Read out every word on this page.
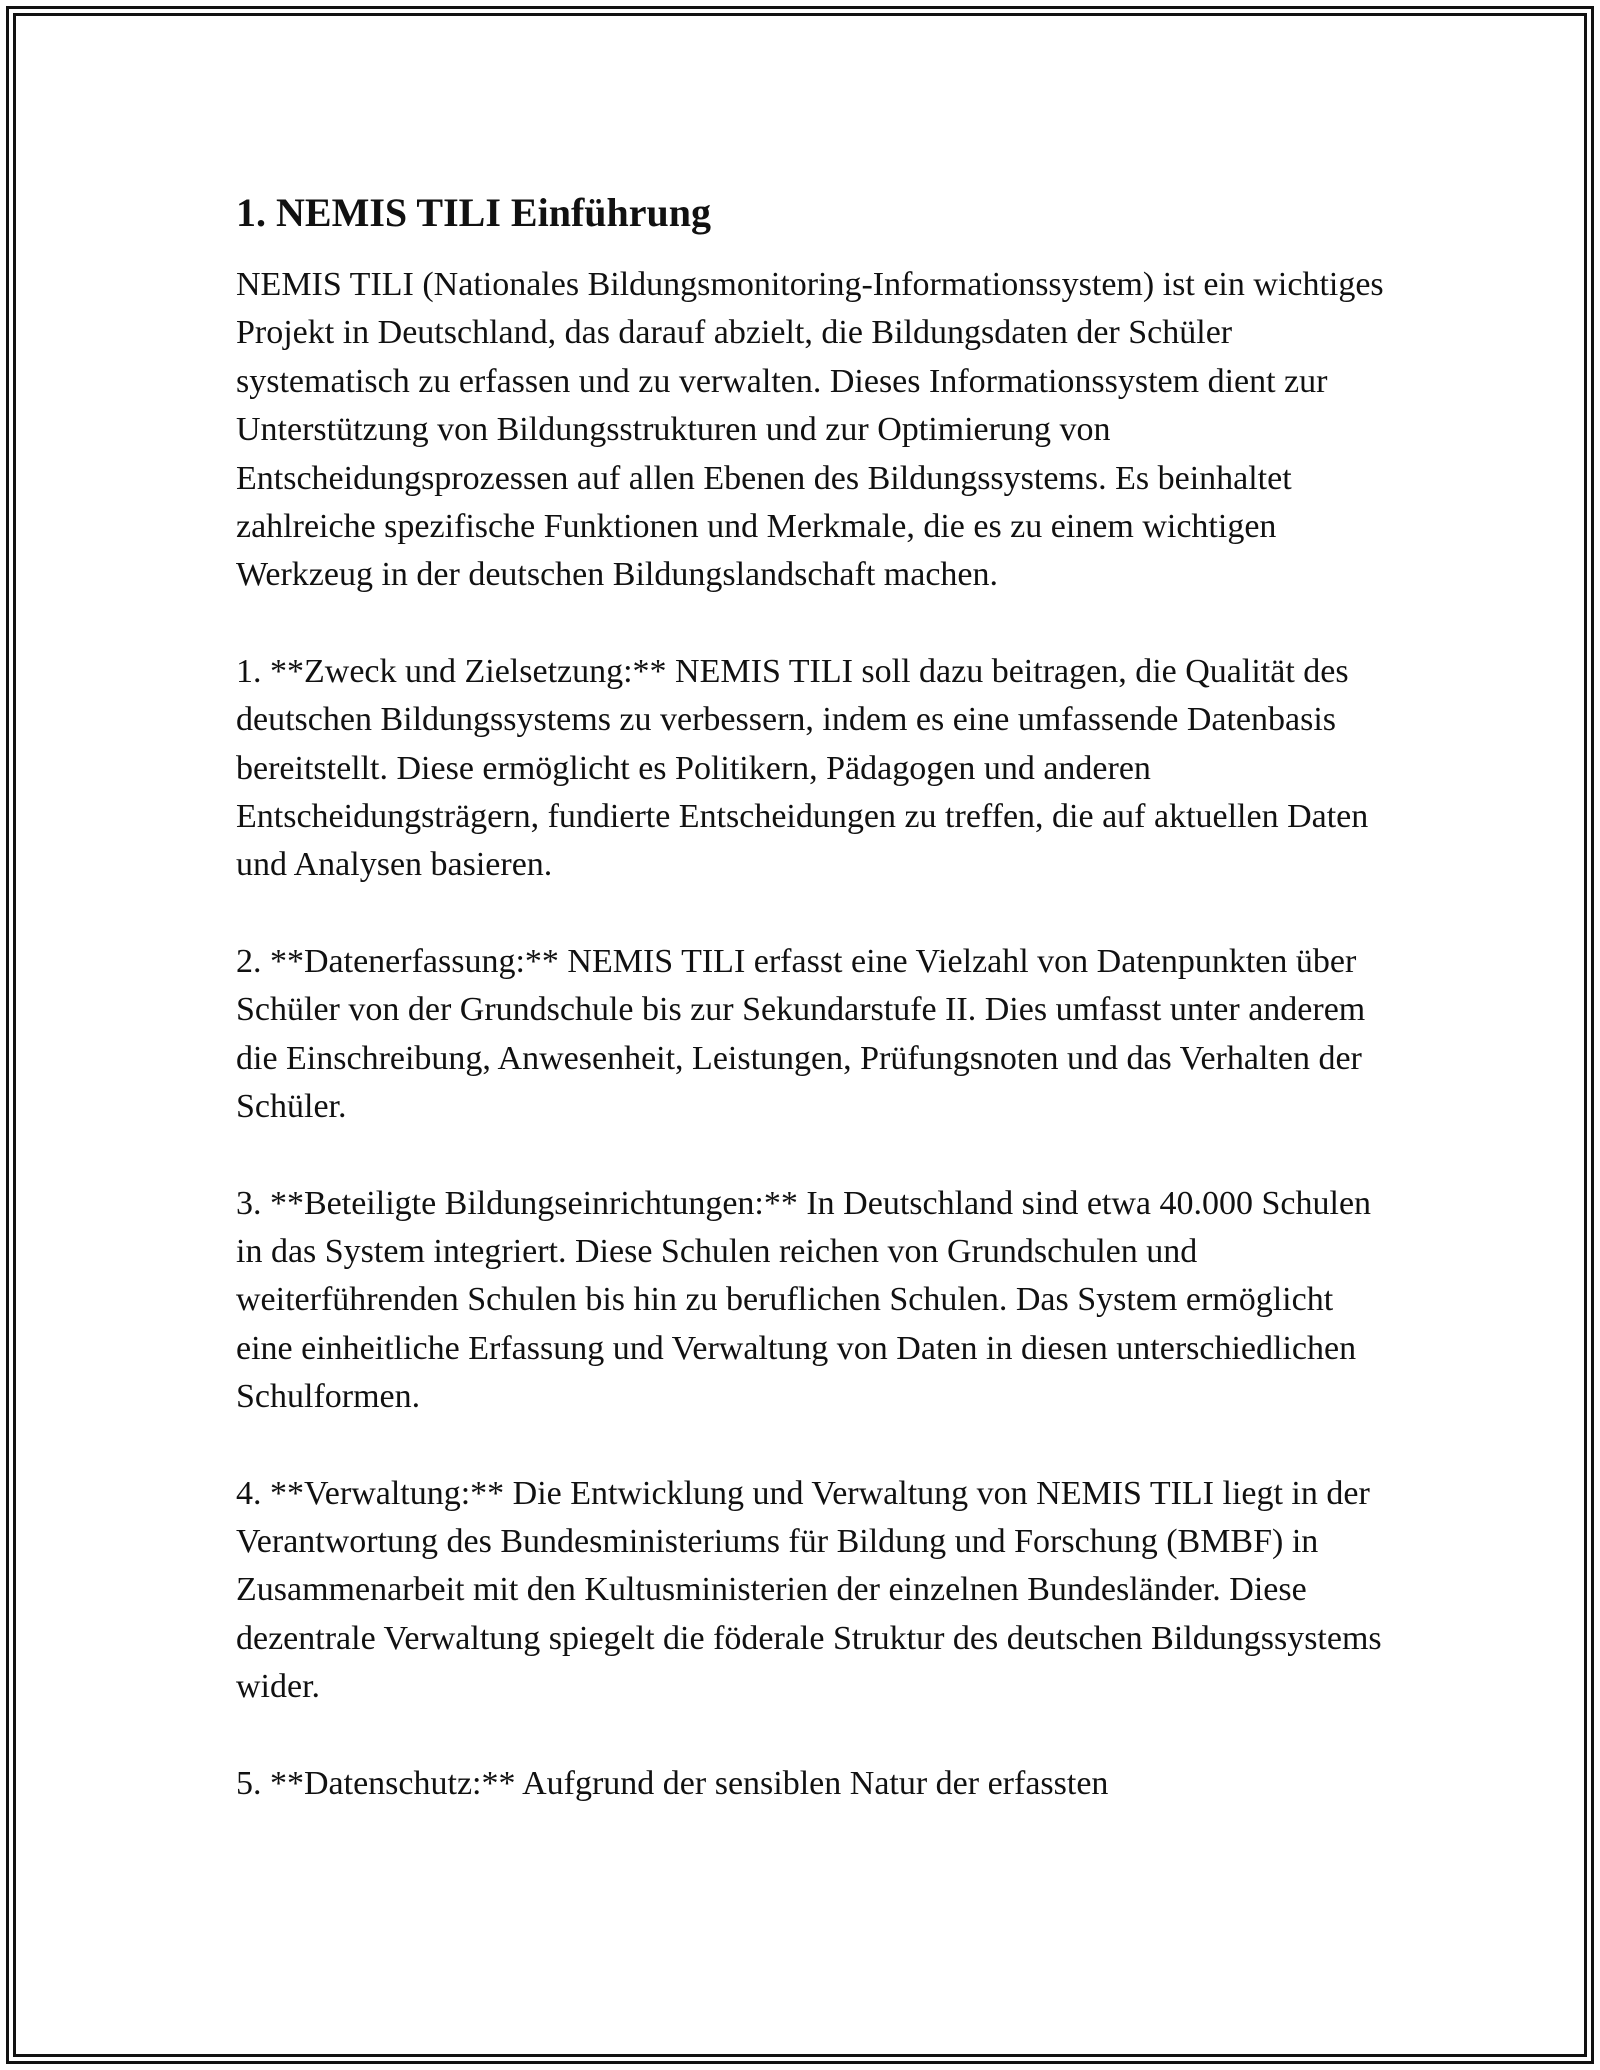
1. NEMIS TILI Einführung

NEMIS TILI (Nationales Bildungsmonitoring-Informationssystem) ist ein wichtiges Projekt in Deutschland, das darauf abzielt, die Bildungsdaten der Schüler systematisch zu erfassen und zu verwalten. Dieses Informationssystem dient zur Unterstützung von Bildungsstrukturen und zur Optimierung von Entscheidungsprozessen auf allen Ebenen des Bildungssystems. Es beinhaltet zahlreiche spezifische Funktionen und Merkmale, die es zu einem wichtigen Werkzeug in der deutschen Bildungslandschaft machen.

1. **Zweck und Zielsetzung:** NEMIS TILI soll dazu beitragen, die Qualität des deutschen Bildungssystems zu verbessern, indem es eine umfassende Datenbasis bereitstellt. Diese ermöglicht es Politikern, Pädagogen und anderen Entscheidungsträgern, fundierte Entscheidungen zu treffen, die auf aktuellen Daten und Analysen basieren.

2. **Datenerfassung:** NEMIS TILI erfasst eine Vielzahl von Datenpunkten über Schüler von der Grundschule bis zur Sekundarstufe II. Dies umfasst unter anderem die Einschreibung, Anwesenheit, Leistungen, Prüfungsnoten und das Verhalten der Schüler.

3. **Beteiligte Bildungseinrichtungen:** In Deutschland sind etwa 40.000 Schulen in das System integriert. Diese Schulen reichen von Grundschulen und weiterführenden Schulen bis hin zu beruflichen Schulen. Das System ermöglicht eine einheitliche Erfassung und Verwaltung von Daten in diesen unterschiedlichen Schulformen.

4. **Verwaltung:** Die Entwicklung und Verwaltung von NEMIS TILI liegt in der Verantwortung des Bundesministeriums für Bildung und Forschung (BMBF) in Zusammenarbeit mit den Kultusministerien der einzelnen Bundesländer. Diese dezentrale Verwaltung spiegelt die föderale Struktur des deutschen Bildungssystems wider.

5. **Datenschutz:** Aufgrund der sensiblen Natur der erfassten
